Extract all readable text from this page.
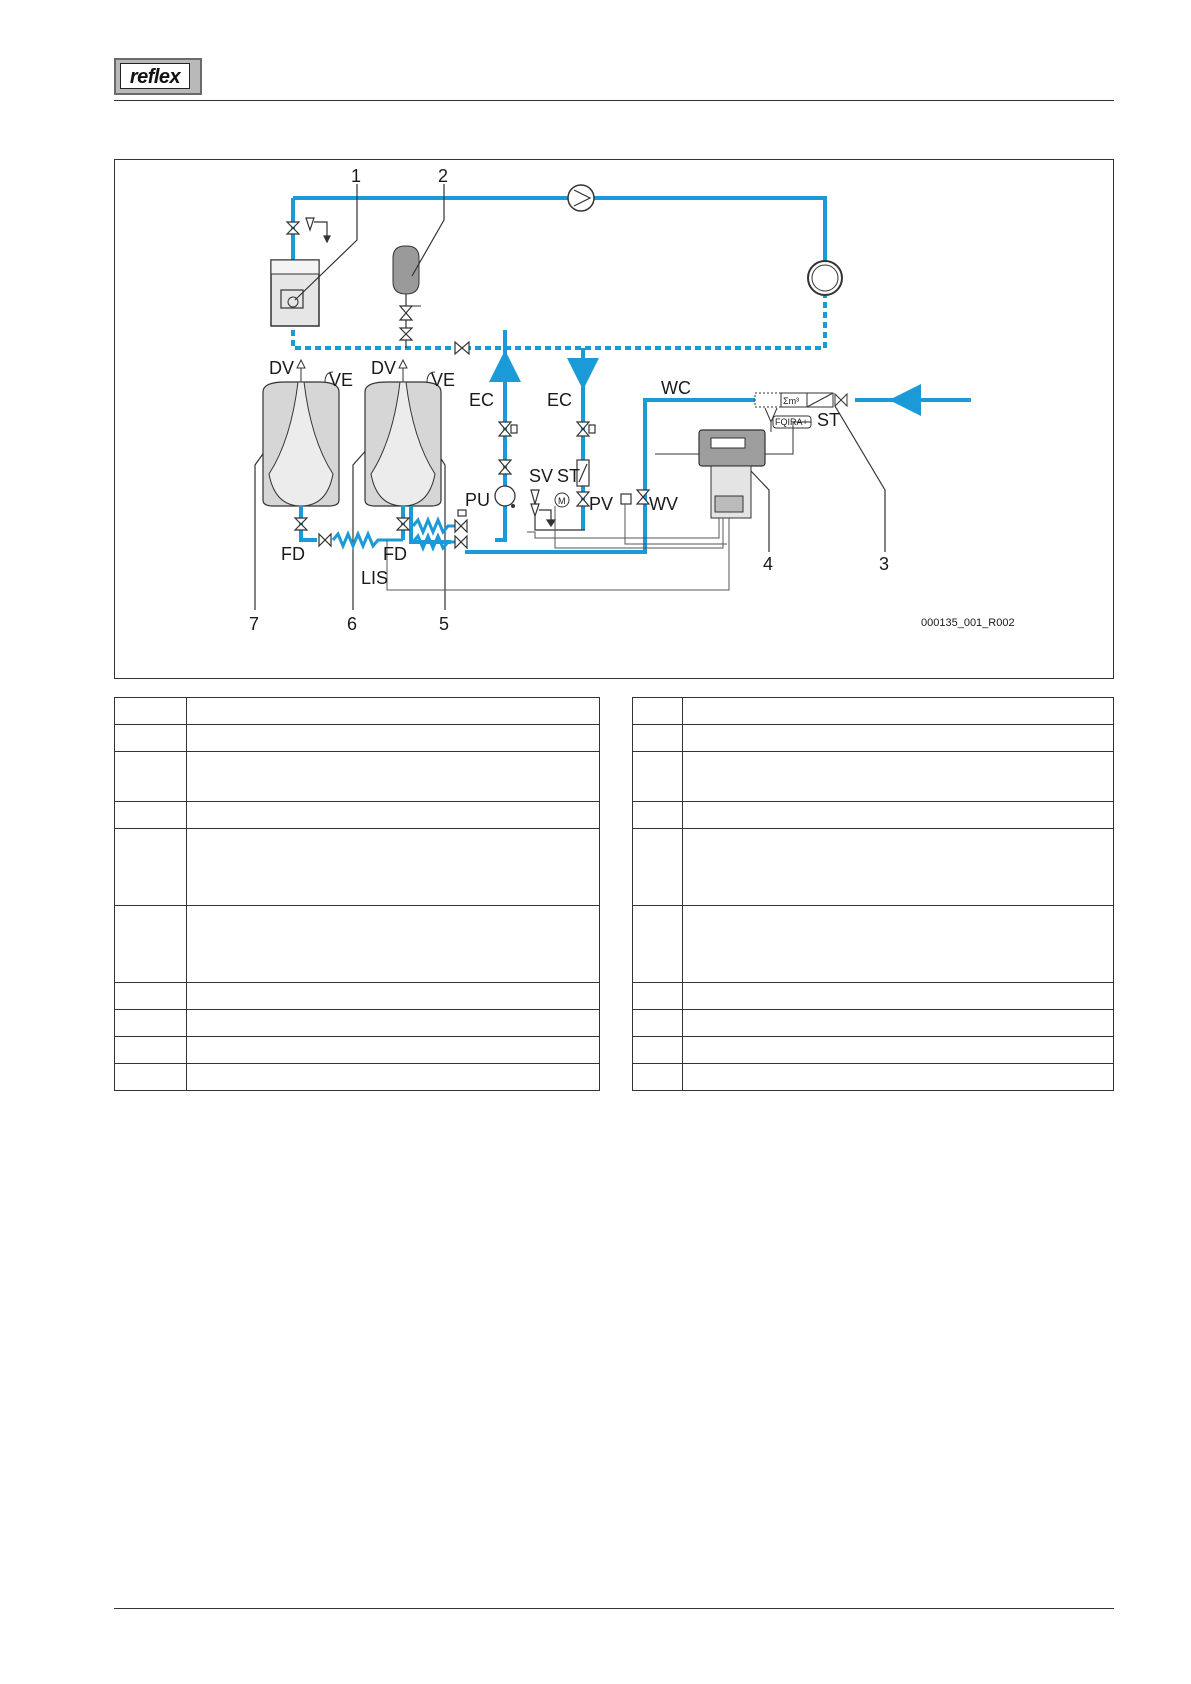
reflex
1	2
3
4
5
6
7
DV
VE
DV
VE
EC	EC
WC
SV ST
ST
PU	PV WV
FD	FD
LIS
Σm³
FQIRA+
M
000135_001_R002
